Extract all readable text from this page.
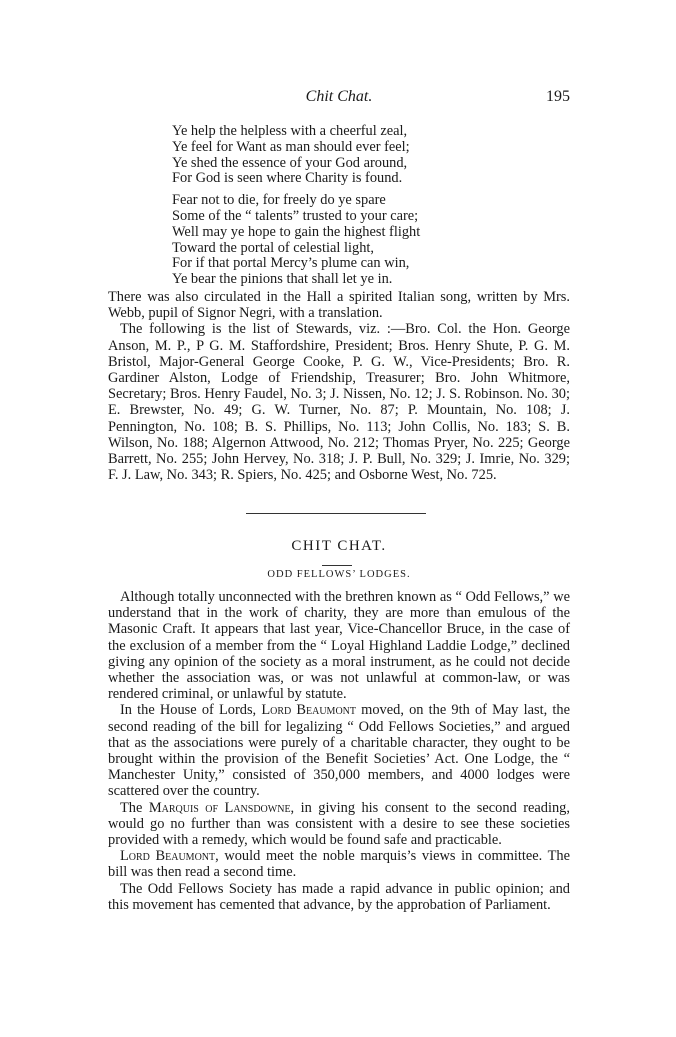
Chit Chat.	195
Ye help the helpless with a cheerful zeal,
Ye feel for Want as man should ever feel;
Ye shed the essence of your God around,
For God is seen where Charity is found.
Fear not to die, for freely do ye spare
Some of the “ talents” trusted to your care;
Well may ye hope to gain the highest flight
Toward the portal of celestial light,
For if that portal Mercy’s plume can win,
Ye bear the pinions that shall let ye in.

There was also circulated in the Hall a spirited Italian song, written by Mrs. Webb, pupil of Signor Negri, with a translation.

The following is the list of Stewards, viz. :—Bro. Col. the Hon. George Anson, M. P., P G. M. Staffordshire, President; Bros. Henry Shute, P. G. M. Bristol, Major-General George Cooke, P. G. W., Vice-Presidents; Bro. R. Gardiner Alston, Lodge of Friendship, Treasurer; Bro. John Whitmore, Secretary; Bros. Henry Faudel, No. 3; J. Nissen, No. 12; J. S. Robinson. No. 30; E. Brewster, No. 49; G. W. Turner, No. 87; P. Mountain, No. 108; J. Pennington, No. 108; B. S. Phillips, No. 113; John Collis, No. 183; S. B. Wilson, No. 188; Algernon Attwood, No. 212; Thomas Pryer, No. 225; George Barrett, No. 255; John Hervey, No. 318; J. P. Bull, No. 329; J. Imrie, No. 329; F. J. Law, No. 343; R. Spiers, No. 425; and Osborne West, No. 725.

CHIT CHAT.
ODD FELLOWS’ LODGES.

Although totally unconnected with the brethren known as “ Odd Fellows,” we understand that in the work of charity, they are more than emulous of the Masonic Craft. It appears that last year, Vice-Chancellor Bruce, in the case of the exclusion of a member from the “ Loyal Highland Laddie Lodge,” declined giving any opinion of the society as a moral instrument, as he could not decide whether the association was, or was not unlawful at common-law, or was rendered criminal, or unlawful by statute.

In the House of Lords, Lord Beaumont moved, on the 9th of May last, the second reading of the bill for legalizing “ Odd Fellows Societies,” and argued that as the associations were purely of a charitable character, they ought to be brought within the provision of the Benefit Societies’ Act. One Lodge, the “ Manchester Unity,” consisted of 350,000 members, and 4000 lodges were scattered over the country.

The Marquis of Lansdowne, in giving his consent to the second reading, would go no further than was consistent with a desire to see these societies provided with a remedy, which would be found safe and practicable.

Lord Beaumont, would meet the noble marquis’s views in committee. The bill was then read a second time.

The Odd Fellows Society has made a rapid advance in public opinion; and this movement has cemented that advance, by the approbation of Parliament.
